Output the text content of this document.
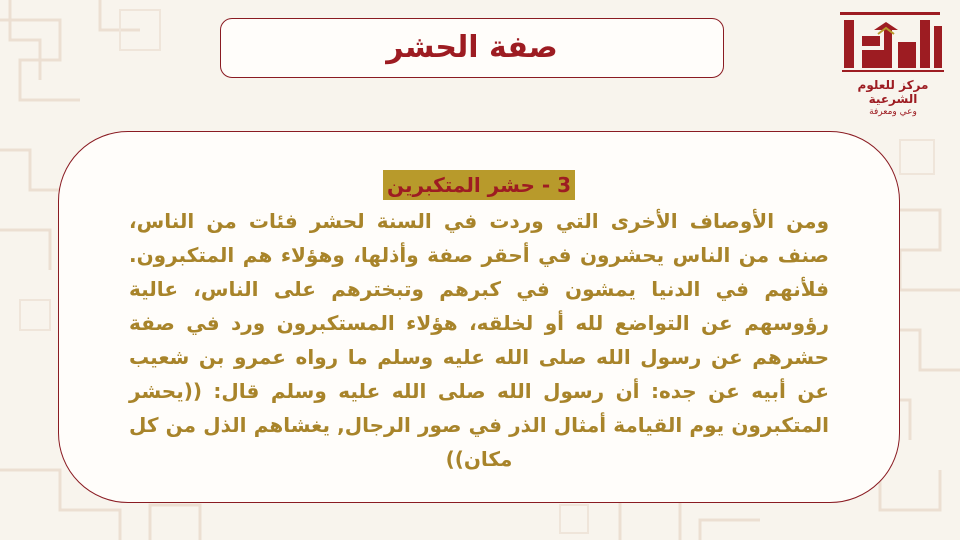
صفة الحشر
مركز للعلوم الشرعية
وعي ومعرفة
3 - حشر المتكبرين
ومن الأوصاف الأخرى التي وردت في السنة لحشر فئات من الناس، صنف من الناس يحشرون في أحقر صفة وأذلها، وهؤلاء هم المتكبرون. فلأنهم في الدنيا يمشون في كبرهم وتبخترهم على الناس، عالية رؤوسهم عن التواضع لله أو لخلقه، هؤلاء المستكبرون ورد في صفة حشرهم عن رسول الله صلى الله عليه وسلم ما رواه عمرو بن شعيب عن أبيه عن جده: أن رسول الله صلى الله عليه وسلم قال: ((يحشر المتكبرون يوم القيامة أمثال الذر في صور الرجال, يغشاهم الذل من كل مكان))
